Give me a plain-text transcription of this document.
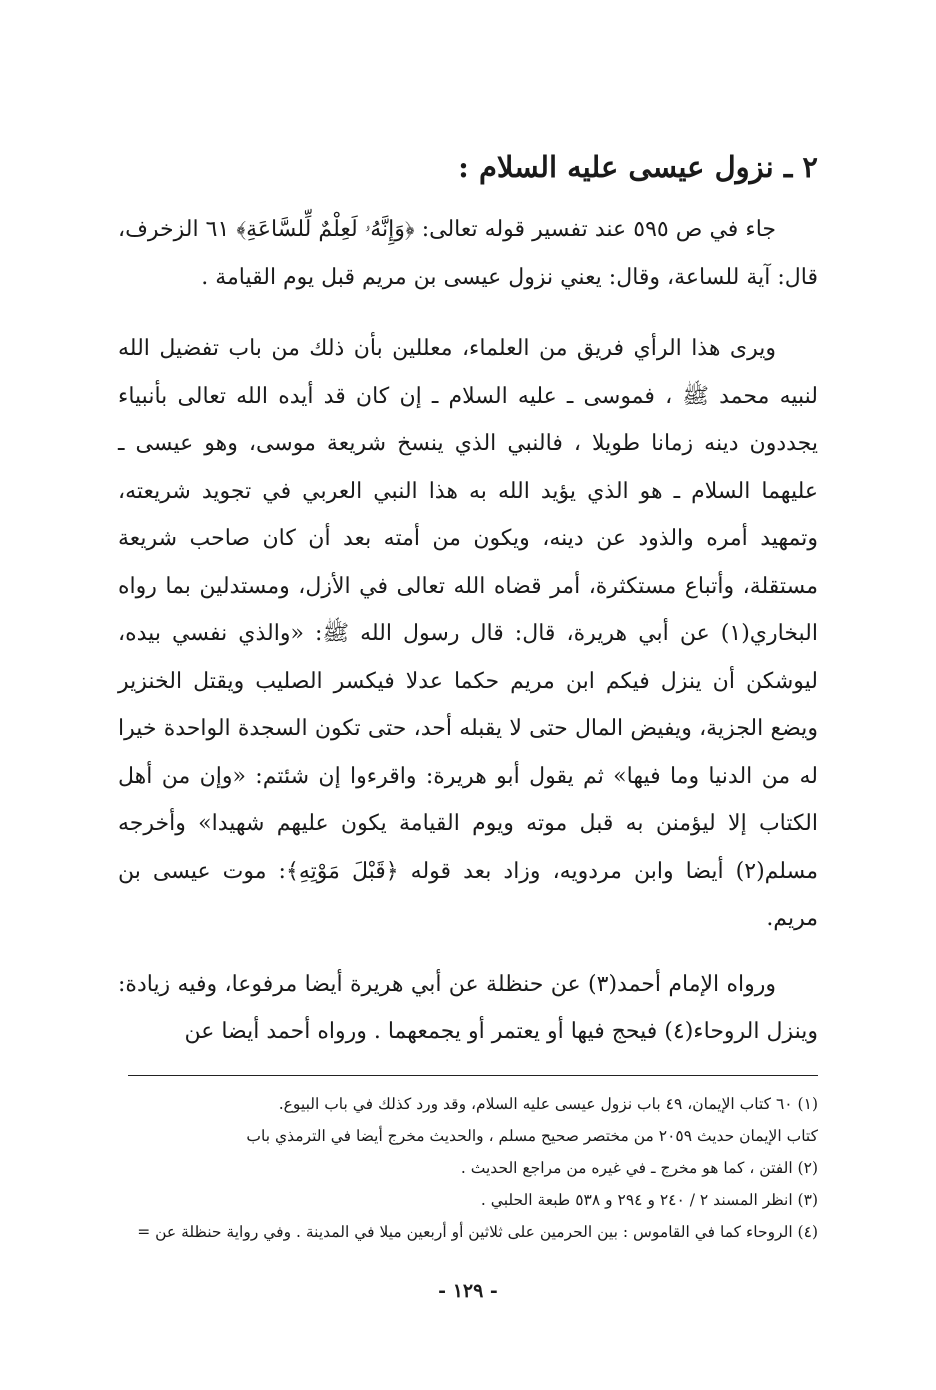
٢ ـ نزول عيسى عليه السلام :

جاء في ص ٥٩٥ عند تفسير قوله تعالى: ﴿وَإِنَّهُۥ لَعِلْمٌ لِّلسَّاعَةِ﴾ ٦١ الزخرف، قال: آية للساعة، وقال: يعني نزول عيسى بن مريم قبل يوم القيامة .

ويرى هذا الرأي فريق من العلماء، معللين بأن ذلك من باب تفضيل الله لنبيه محمد ﷺ ، فموسى ـ عليه السلام ـ إن كان قد أيده الله تعالى بأنبياء يجددون دينه زمانا طويلا ، فالنبي الذي ينسخ شريعة موسى، وهو عيسى ـ عليهما السلام ـ هو الذي يؤيد الله به هذا النبي العربي في تجويد شريعته، وتمهيد أمره والذود عن دينه، ويكون من أمته بعد أن كان صاحب شريعة مستقلة، وأتباع مستكثرة، أمر قضاه الله تعالى في الأزل، ومستدلين بما رواه البخاري(١) عن أبي هريرة، قال: قال رسول الله ﷺ: «والذي نفسي بيده، ليوشكن أن ينزل فيكم ابن مريم حكما عدلا فيكسر الصليب ويقتل الخنزير ويضع الجزية، ويفيض المال حتى لا يقبله أحد، حتى تكون السجدة الواحدة خيرا له من الدنيا وما فيها» ثم يقول أبو هريرة: واقرءوا إن شئتم: «وإن من أهل الكتاب إلا ليؤمنن به قبل موته ويوم القيامة يكون عليهم شهيدا» وأخرجه مسلم(٢) أيضا وابن مردويه، وزاد بعد قوله ﴿قَبْلَ مَوْتِهِ﴾: موت عيسى بن مريم.

ورواه الإمام أحمد(٣) عن حنظلة عن أبي هريرة أيضا مرفوعا، وفيه زيادة: وينزل الروحاء(٤) فيحج فيها أو يعتمر أو يجمعهما . ورواه أحمد أيضا عن

(١) ٦٠ كتاب الإيمان، ٤٩ باب نزول عيسى عليه السلام، وقد ورد كذلك في باب البيوع.

كتاب الإيمان حديث ٢٠٥٩ من مختصر صحيح مسلم ، والحديث مخرج أيضا في الترمذي باب

(٢) الفتن ، كما هو مخرج ـ في غيره من مراجع الحديث .

(٣) انظر المسند ٢ / ٢٤٠ و ٢٩٤ و ٥٣٨ طبعة الحلبي .

(٤) الروحاء كما في القاموس : بين الحرمين على ثلاثين أو أربعين ميلا في المدينة . وفي رواية حنظلة عن =

- ١٢٩ -
